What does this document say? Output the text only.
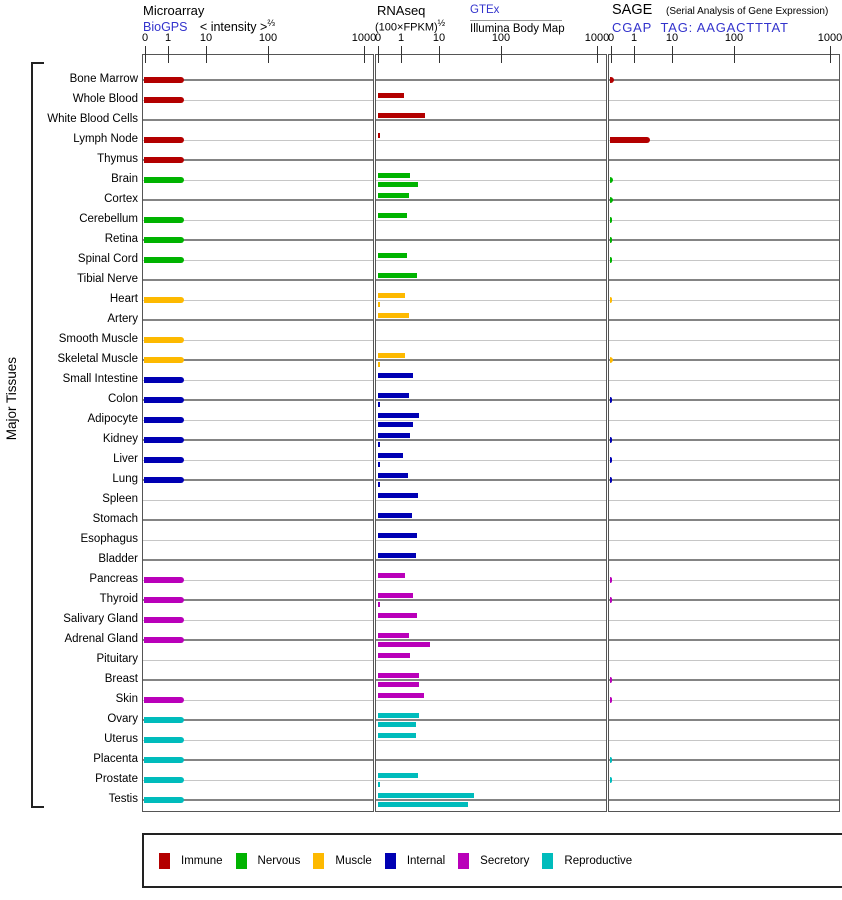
Microarray
BioGPS < intensity >$^{\frac{2}{3}}$
RNAseq
(100×FPKM)$^{\frac{1}{2}}$
GTEx
Illumina Body Map
SAGE (Serial Analysis of Gene Expression)
CGAP TAG: AAGACTTTAT
Major Tissues
Bone Marrow
Whole Blood
White Blood Cells
Lymph Node
Thymus
Brain
Cortex
Cerebellum
Retina
Spinal Cord
Tibial Nerve
Heart
Artery
Smooth Muscle
Skeletal Muscle
Small Intestine
Colon
Adipocyte
Kidney
Liver
Lung
Spleen
Stomach
Esophagus
Bladder
Pancreas
Thyroid
Salivary Gland
Adrenal Gland
Pituitary
Breast
Skin
Ovary
Uterus
Placenta
Prostate
Testis
0	1	10	100	1000
0	1	10	100	1000
0	1	10	100	1000
Immune	Nervous	Muscle	Internal	Secretory	Reproductive
